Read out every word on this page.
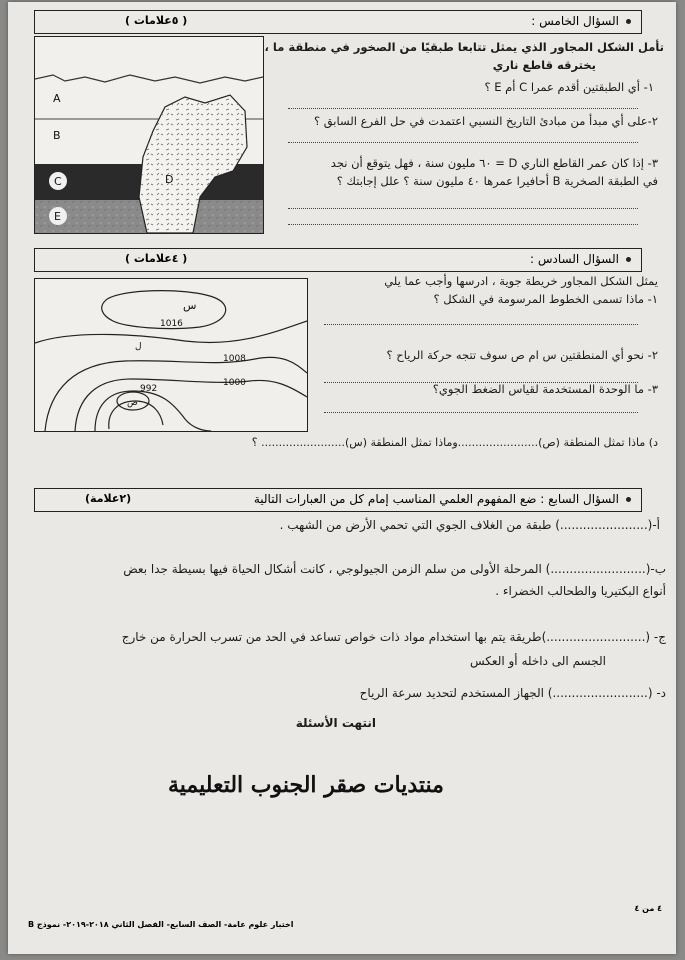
السؤال الخامس :
( ٥علامات )
تأمل الشكل المجاور الذي يمثل تتابعا طبقيًا من الصخور في منطقة ما ،
يخترقه قاطع ناري
A
B
C	D
E
١- أي الطبقتين أقدم عمرا C أم E ؟
٢-على أي مبدأ من مبادئ التاريخ النسبي اعتمدت في حل الفرع السابق ؟
٣- إذا كان عمر القاطع الناري D = ٦٠ مليون سنة ، فهل يتوقع أن نجد
في الطبقة الصخرية B أحافيرا عمرها ٤٠ مليون سنة ؟ علل إجابتك ؟
السؤال السادس :
( ٤علامات )
س
1016
1008
1000
992
ص
ل
يمثل الشكل المجاور خريطة جوية ، ادرسها وأجب عما يلي
١- ماذا تسمى الخطوط المرسومة في الشكل ؟
٢- نحو أي المنطقتين س ام ص سوف تتجه حركة الرياح ؟
٣- ما الوحدة المستخدمة لقياس الضغط الجوي؟
د) ماذا تمثل المنطقة (ص).......................وماذا تمثل المنطقة (س)........................ ؟
السؤال السابع : ضع المفهوم العلمي المناسب إمام كل من العبارات التالية
(٢علامة)
أ-(.......................) طبقة من الغلاف الجوي التي تحمي الأرض من الشهب .
ب-(.........................) المرحلة الأولى من سلم الزمن الجيولوجي ، كانت أشكال الحياة فيها بسيطة جدا بعض
أنواع البكتيريا والطحالب الخضراء .
ج- (..........................)طريقة يتم بها استخدام مواد ذات خواص تساعد في الحد من تسرب الحرارة من خارج
الجسم الى داخله أو العكس
د- (.........................) الجهاز المستخدم لتحديد سرعة الرياح
انتهت الأسئلة
منتديات صقر الجنوب التعليمية
٤ من ٤
اختبار علوم عامة- الصف السابع- الفصل الثاني ٢٠١٨-٢٠١٩- نموذج B
